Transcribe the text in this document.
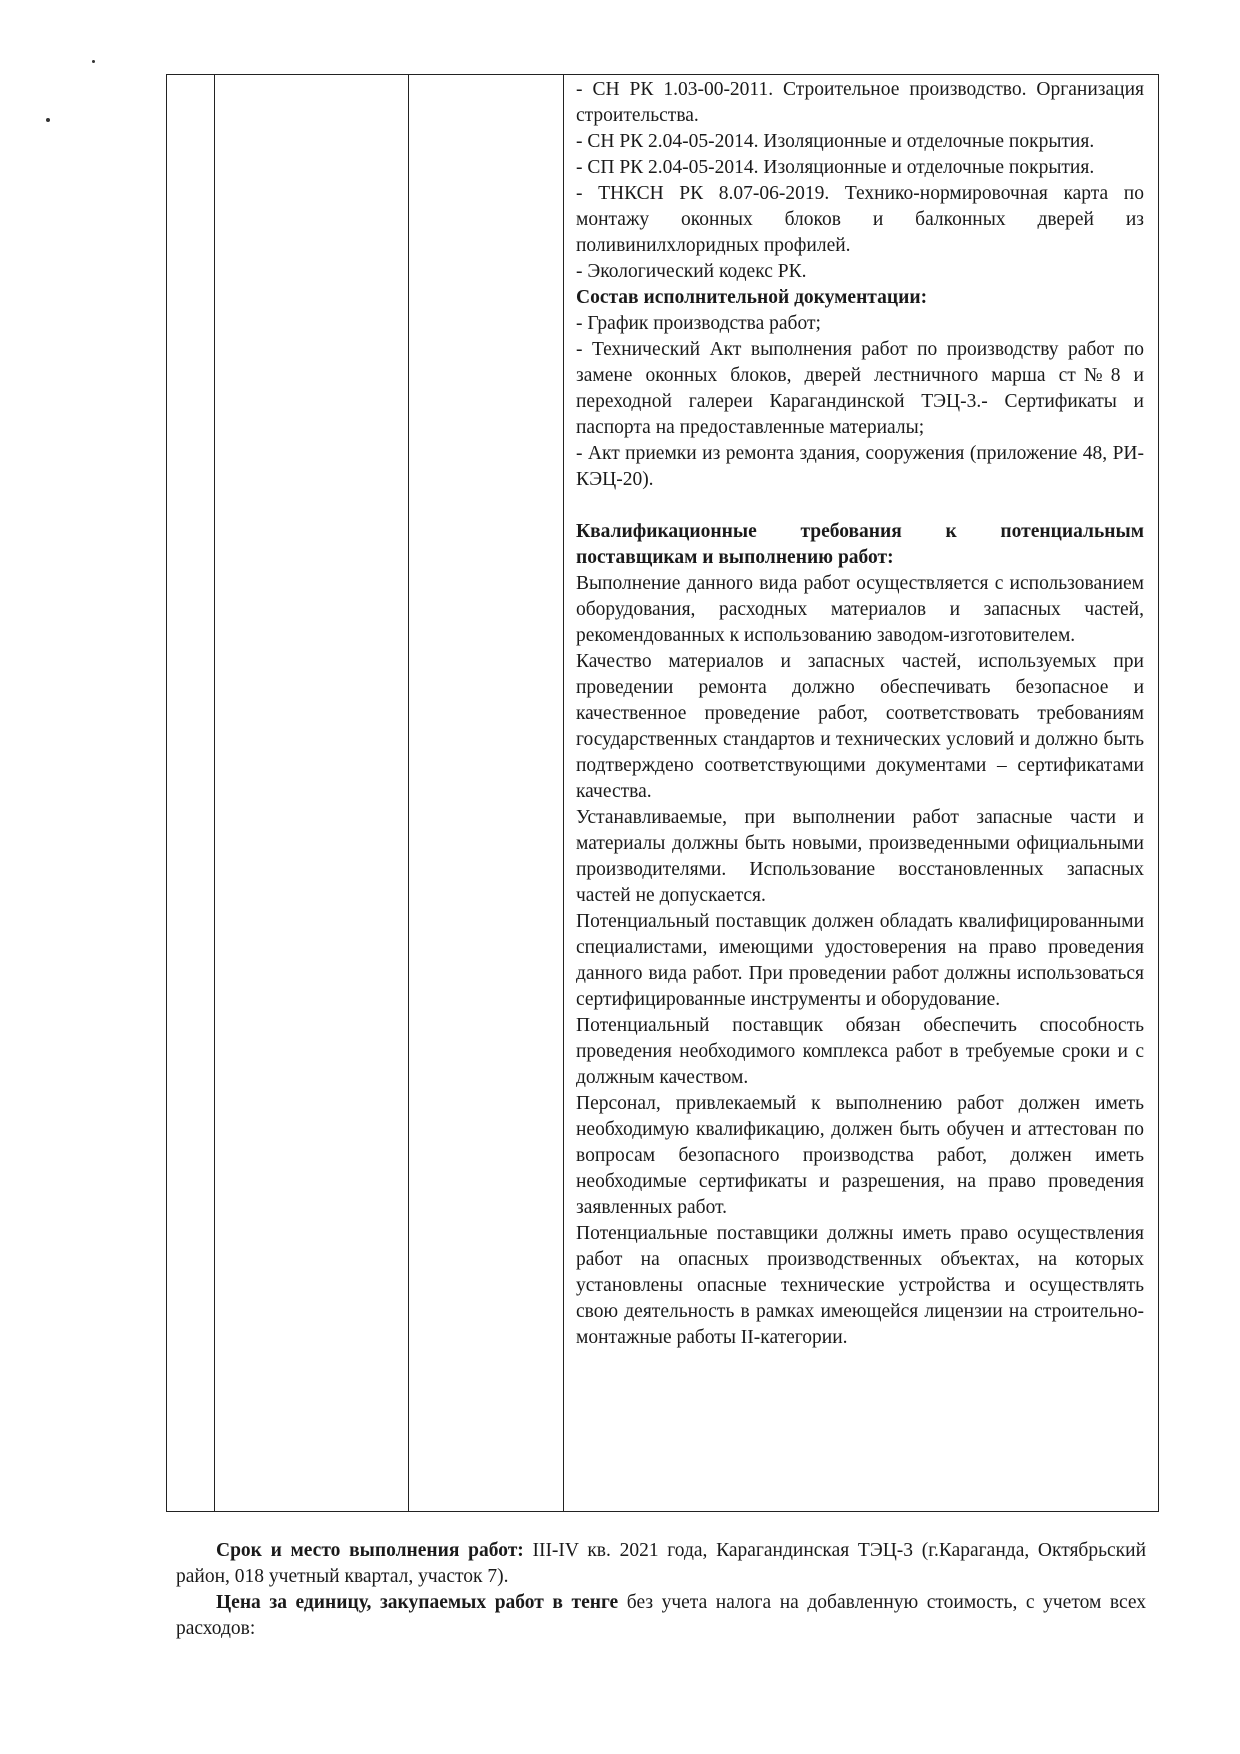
- СН РК 1.03-00-2011. Строительное производство. Организация строительства.

- СН РК 2.04-05-2014. Изоляционные и отделочные покрытия.

- СП РК 2.04-05-2014. Изоляционные и отделочные покрытия.

- ТНКСН РК 8.07-06-2019. Технико-нормировочная карта по монтажу оконных блоков и балконных дверей из поливинилхлоридных профилей.

- Экологический кодекс РК.

Состав исполнительной документации:

- График производства работ;

- Технический Акт выполнения работ по производству работ по замене оконных блоков, дверей лестничного марша ст№8 и переходной галереи Карагандинской ТЭЦ-3.- Сертификаты и паспорта на предоставленные материалы;

- Акт приемки из ремонта здания, сооружения (приложение 48, РИ-КЭЦ-20).

Квалификационные требования к потенциальным поставщикам и выполнению работ:

Выполнение данного вида работ осуществляется с использованием оборудования, расходных материалов и запасных частей, рекомендованных к использованию заводом-изготовителем.

Качество материалов и запасных частей, используемых при проведении ремонта должно обеспечивать безопасное и качественное проведение работ, соответствовать требованиям государственных стандартов и технических условий и должно быть подтверждено соответствующими документами – сертификатами качества.

Устанавливаемые, при выполнении работ запасные части и материалы должны быть новыми, произведенными официальными производителями. Использование восстановленных запасных частей не допускается.

Потенциальный поставщик должен обладать квалифицированными специалистами, имеющими удостоверения на право проведения данного вида работ. При проведении работ должны использоваться сертифицированные инструменты и оборудование.

Потенциальный поставщик обязан обеспечить способность проведения необходимого комплекса работ в требуемые сроки и с должным качеством.

Персонал, привлекаемый к выполнению работ должен иметь необходимую квалификацию, должен быть обучен и аттестован по вопросам безопасного производства работ, должен иметь необходимые сертификаты и разрешения, на право проведения заявленных работ.

Потенциальные поставщики должны иметь право осуществления работ на опасных производственных объектах, на которых установлены опасные технические устройства и осуществлять свою деятельность в рамках имеющейся лицензии на строительно-монтажные работы II-категории.

Срок и место выполнения работ: III-IV кв. 2021 года, Карагандинская ТЭЦ-3 (г.Караганда, Октябрьский район, 018 учетный квартал, участок 7).

Цена за единицу, закупаемых работ в тенге без учета налога на добавленную стоимость, с учетом всех расходов:
